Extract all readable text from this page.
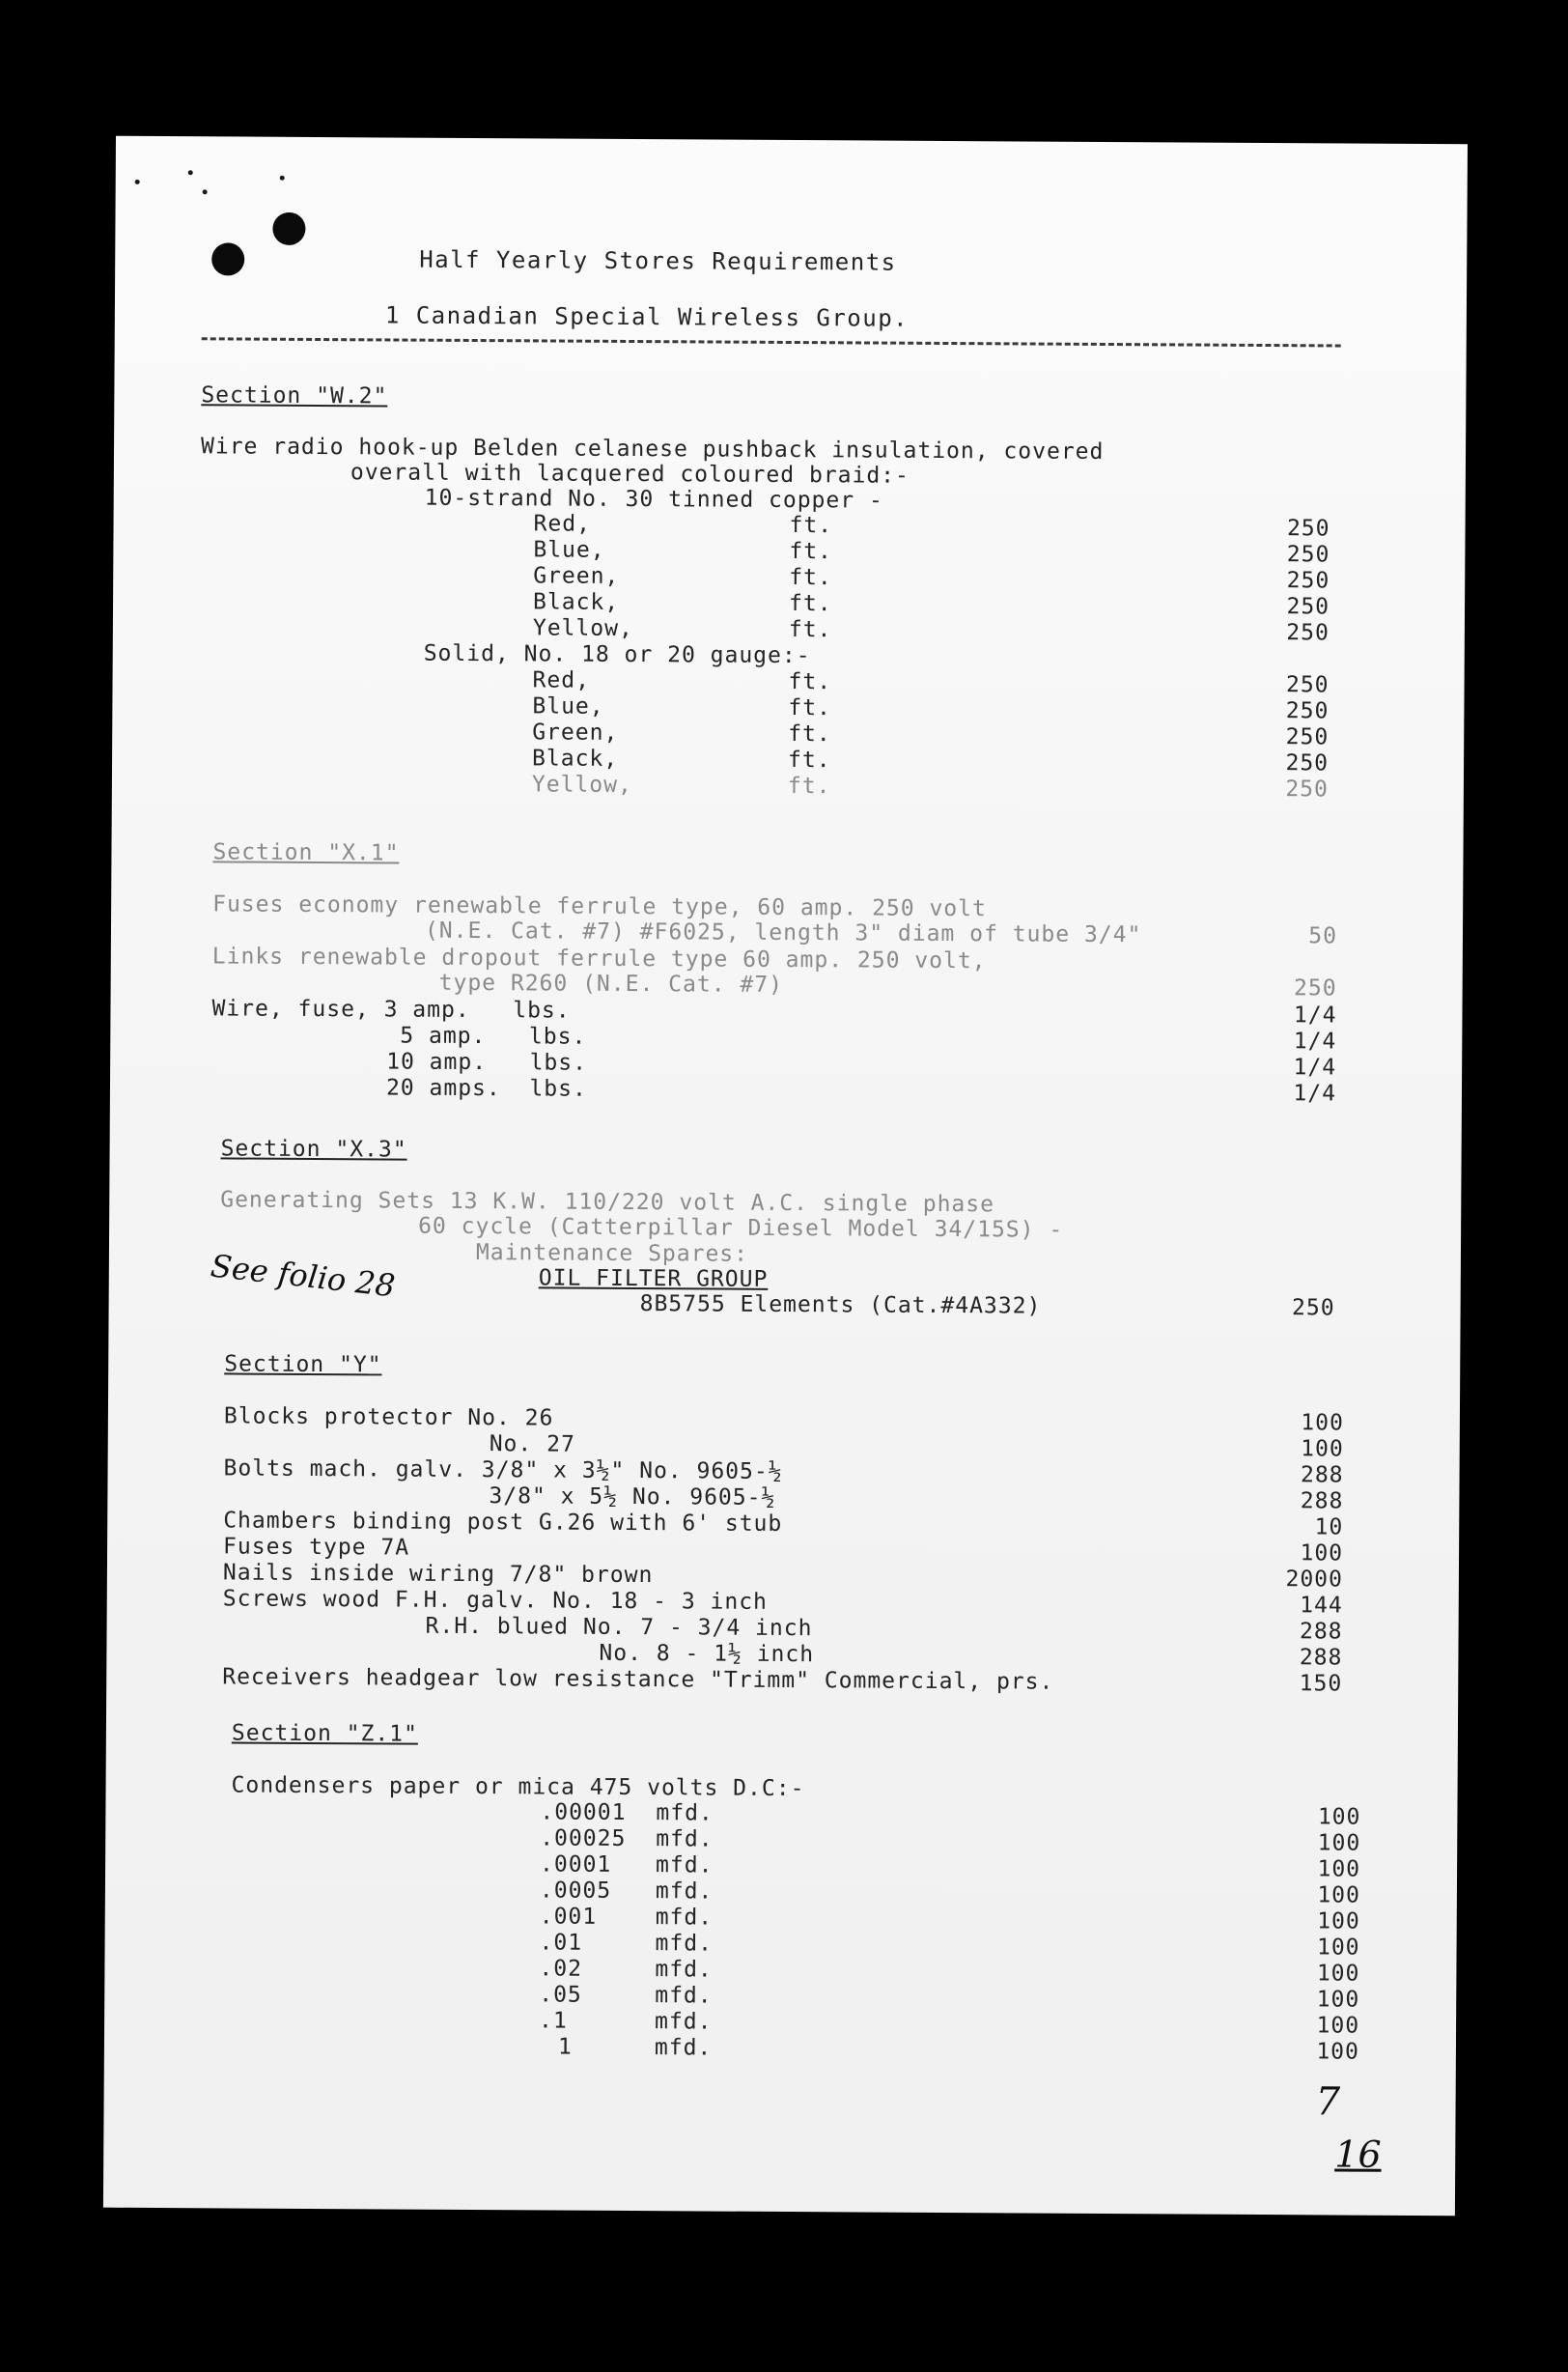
Half Yearly Stores Requirements
1 Canadian Special Wireless Group.
Section "W.2"
Wire radio hook-up Belden celanese pushback insulation, covered
overall with lacquered coloured braid:-
10-strand No. 30 tinned copper -
Red,	ft.	250
Blue,	ft.	250
Green,	ft.	250
Black,	ft.	250
Yellow,	ft.	250
Solid, No. 18 or 20 gauge:-
Red,	ft.	250
Blue,	ft.	250
Green,	ft.	250
Black,	ft.	250
Yellow,	ft.	250
Section "X.1"
Fuses economy renewable ferrule type, 60 amp. 250 volt
(N.E. Cat. #7) #F6025, length 3" diam of tube 3/4"	50
Links renewable dropout ferrule type 60 amp. 250 volt,
type R260 (N.E. Cat. #7)	250
Wire, fuse, 3 amp.   lbs.	1/4
5 amp.   lbs.	1/4
10 amp.   lbs.	1/4
20 amps.  lbs.	1/4
Section "X.3"
Generating Sets 13 K.W. 110/220 volt A.C. single phase
60 cycle (Catterpillar Diesel Model 34/15S) -
Maintenance Spares:
OIL FILTER GROUP
8B5755 Elements (Cat.#4A332)	250
See folio 28
Section "Y"
Blocks protector No. 26	100
No. 27	100
Bolts mach. galv. 3/8" x 3½" No. 9605-½	288
3/8" x 5½ No. 9605-½	288
Chambers binding post G.26 with 6' stub	10
Fuses type 7A	100
Nails inside wiring 7/8" brown	2000
Screws wood F.H. galv. No. 18 - 3 inch	144
R.H. blued No. 7 - 3/4 inch	288
No. 8 - 1½ inch	288
Receivers headgear low resistance "Trimm" Commercial, prs.	150
Section "Z.1"
Condensers paper or mica 475 volts D.C:-
.00001 mfd.	100
.00025 mfd.	100
.0001 mfd.	100
.0005 mfd.	100
.001	mfd.	100
.01	mfd.	100
.02	mfd.	100
.05	mfd.	100
.1	mfd.	100
1	mfd.	100
7
16
